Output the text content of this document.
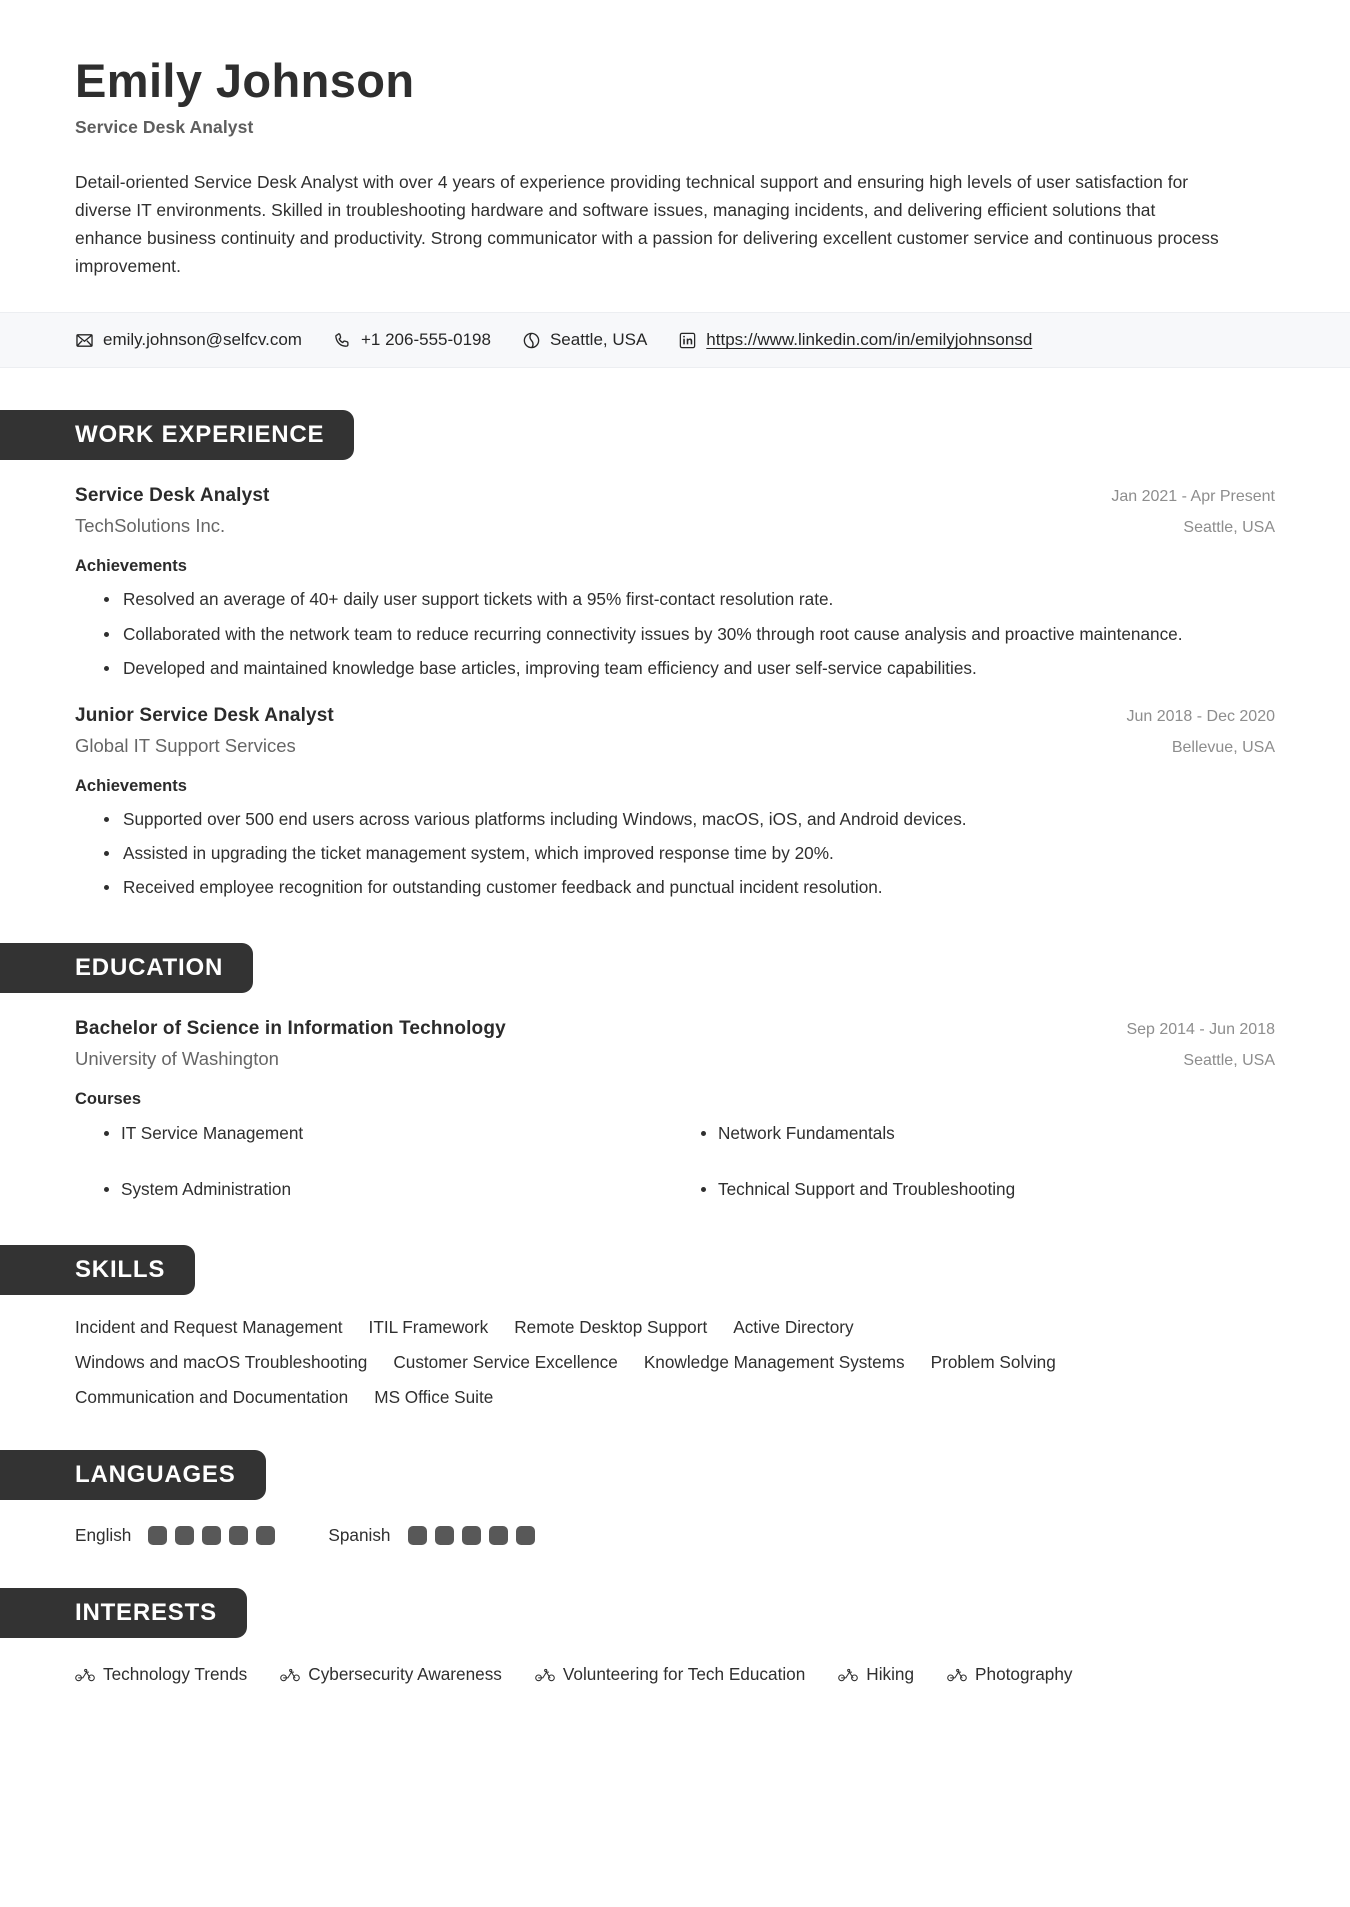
Emily Johnson
Service Desk Analyst
Detail-oriented Service Desk Analyst with over 4 years of experience providing technical support and ensuring high levels of user satisfaction for diverse IT environments. Skilled in troubleshooting hardware and software issues, managing incidents, and delivering efficient solutions that enhance business continuity and productivity. Strong communicator with a passion for delivering excellent customer service and continuous process improvement.
emily.johnson@selfcv.com	+1 206-555-0198	Seattle, USA	https://www.linkedin.com/in/emilyjohnsonsd
WORK EXPERIENCE
Service Desk Analyst	Jan 2021 - Apr Present
TechSolutions Inc.	Seattle, USA
Achievements
Resolved an average of 40+ daily user support tickets with a 95% first-contact resolution rate.
Collaborated with the network team to reduce recurring connectivity issues by 30% through root cause analysis and proactive maintenance.
Developed and maintained knowledge base articles, improving team efficiency and user self-service capabilities.
Junior Service Desk Analyst	Jun 2018 - Dec 2020
Global IT Support Services	Bellevue, USA
Achievements
Supported over 500 end users across various platforms including Windows, macOS, iOS, and Android devices.
Assisted in upgrading the ticket management system, which improved response time by 20%.
Received employee recognition for outstanding customer feedback and punctual incident resolution.
EDUCATION
Bachelor of Science in Information Technology	Sep 2014 - Jun 2018
University of Washington	Seattle, USA
Courses
IT Service Management	Network Fundamentals
System Administration	Technical Support and Troubleshooting
SKILLS
Incident and Request Management ITIL Framework Remote Desktop Support Active Directory
Windows and macOS Troubleshooting Customer Service Excellence Knowledge Management Systems Problem Solving
Communication and Documentation MS Office Suite
LANGUAGES
English	Spanish
INTERESTS
Technology Trends	Cybersecurity Awareness	Volunteering for Tech Education	Hiking	Photography
